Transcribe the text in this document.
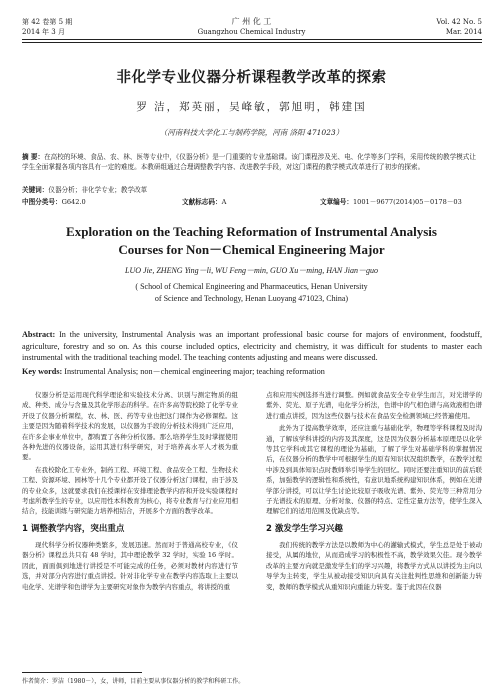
第 42 卷第 5 期
2014 年 3 月
广 州 化 工
Guangzhou Chemical Industry
Vol. 42 No. 5
Mar. 2014
非化学专业仪器分析课程教学改革的探索
罗 洁，郑英丽，吴峰敏，郭旭明，韩建国
（河南科技大学化工与制药学院，河南 洛阳 471023）
摘 要：在高校的环境、食品、农、林、医等专业中，《仪器分析》是一门重要的专业基础课。该门课程涉及光、电、化学等多门学科，采用传统的教学模式让学生全面掌握各项内容具有一定的难度。本教研组通过合理调整教学内容、改进教学手段，对这门课程的教学模式改革进行了初步的探索。
关键词：仪器分析；非化学专业；教学改革
中图分类号：G642.0	文献标志码：A	文章编号：1001－9677(2014)05－0178－03
Exploration on the Teaching Reformation of Instrumental Analysis
Courses for Non－Chemical Engineering Major
LUO Jie, ZHENG Ying－li, WU Feng－min, GUO Xu－ming, HAN Jian－guo
( School of Chemical Engineering and Pharmaceutics, Henan University
of Science and Technology, Henan Luoyang 471023, China)
Abstract: In the university, Instrumental Analysis was an important professional basic course for majors of environment, foodstuff, agriculture, forestry and so on. As this course included optics, electricity and chemistry, it was difficult for students to master each instrumental with the traditional teaching model. The teaching contents adjusting and means were discussed.
Key words: Instrumental Analysis; non－chemical engineering major; teaching reformation

仪器分析是运用现代科学理论和实验技术分离、识别与测定物质的组成、种类、成分与含量及其化学形态的科学。在许多高等院校除了化学专业开设了仪器分析课程，农、林、医、药等专业也把这门课作为必修课程。这主要是因为随着科学技术的发展，以仪器为手段的分析技术得到广泛应用，在许多企事业单位中，都购置了各种分析仪器。那么培养学生及时掌握使用各种先进的仪器设备，运用其进行科学研究，对于培养高水平人才极为重要。

在我校除化工专业外，制药工程、环境工程、食品安全工程、生物技术工程、资源环境、园林等十几个专业都开设了仪器分析这门课程，由于涉及的专业众多，这就要求我们在授课样在安排理论教学内容和开设实验课程时考虑所教学生的专业，以应用性本科教育为核心，将专业教育与行业应用相结合，技能训练与研究能力培养相结合，开展多个方面的教学改革。

1 调整教学内容，突出重点

现代科学分析仪器种类繁多，发展迅速。然而对于普通高校专业，《仪器分析》课程总共只有 48 学时，其中理论教学 32 学时，实验 16 学时。因此，面面俱到地进行讲授是不可能完成的任务，必须对教材内容进行节选，并对部分内容进行重点讲授。针对非化学专业在教学内容选取上主要以电化学、光谱学和色谱学为主要研究对象作为教学内容重点，将讲授的重

点和应用实例选择当进行调整。例如就食品安全专业学生而言，对光谱学的紫外、荧光、原子光谱，电化学分析法，色谱中的气相色谱与高效液相色谱进行重点讲授，因为这些仪器与技术在食品安全检测领域已经普遍使用。

此外为了提高教学效率，还应注重与基础化学，物理等学科课程及时沟通，了解该学科讲授的内容及其深度，这是因为仪器分析基本原理是以化学等其它学科或其它课程的理论为基础，了解了学生对基础学科的掌握情况后，在仪器分析的教学中可根据学生的原有知识状况组织教学，在教学过程中涉及到具体知识点时教师举引导学生的回忆。同时还要注重知识的前后联系，加强教学的逻辑性和系统性，有意识地系统构建知识体系，例如在光谱学部分讲授，可以让学生讨论比较原子吸收光谱、紫外、荧光等三种常用分子光谱技术的原理、分析对象、仪器的特点、定性定量方法等，使学生深入理解它们的适用范围及优缺点等。

2 激发学生学习兴趣

我们传统的教学方法是以教师为中心的灌输式模式，学生总是处于被动接受，从属的地位，从而造成学习的积极性不高，教学效果欠佳。现今教学改革的主要方向就是激发学生们的学习兴趣，将教学方式从以讲授为主向以导学为主转变，学生从被动接受知识向具有关注批判性思维和创新能力转变，教师的教学模式从重知识向重能力转变。鉴于此因在仪器

作者简介：罗洁（1980－），女，讲师，目前主要从事仪器分析的教学和科研工作。
